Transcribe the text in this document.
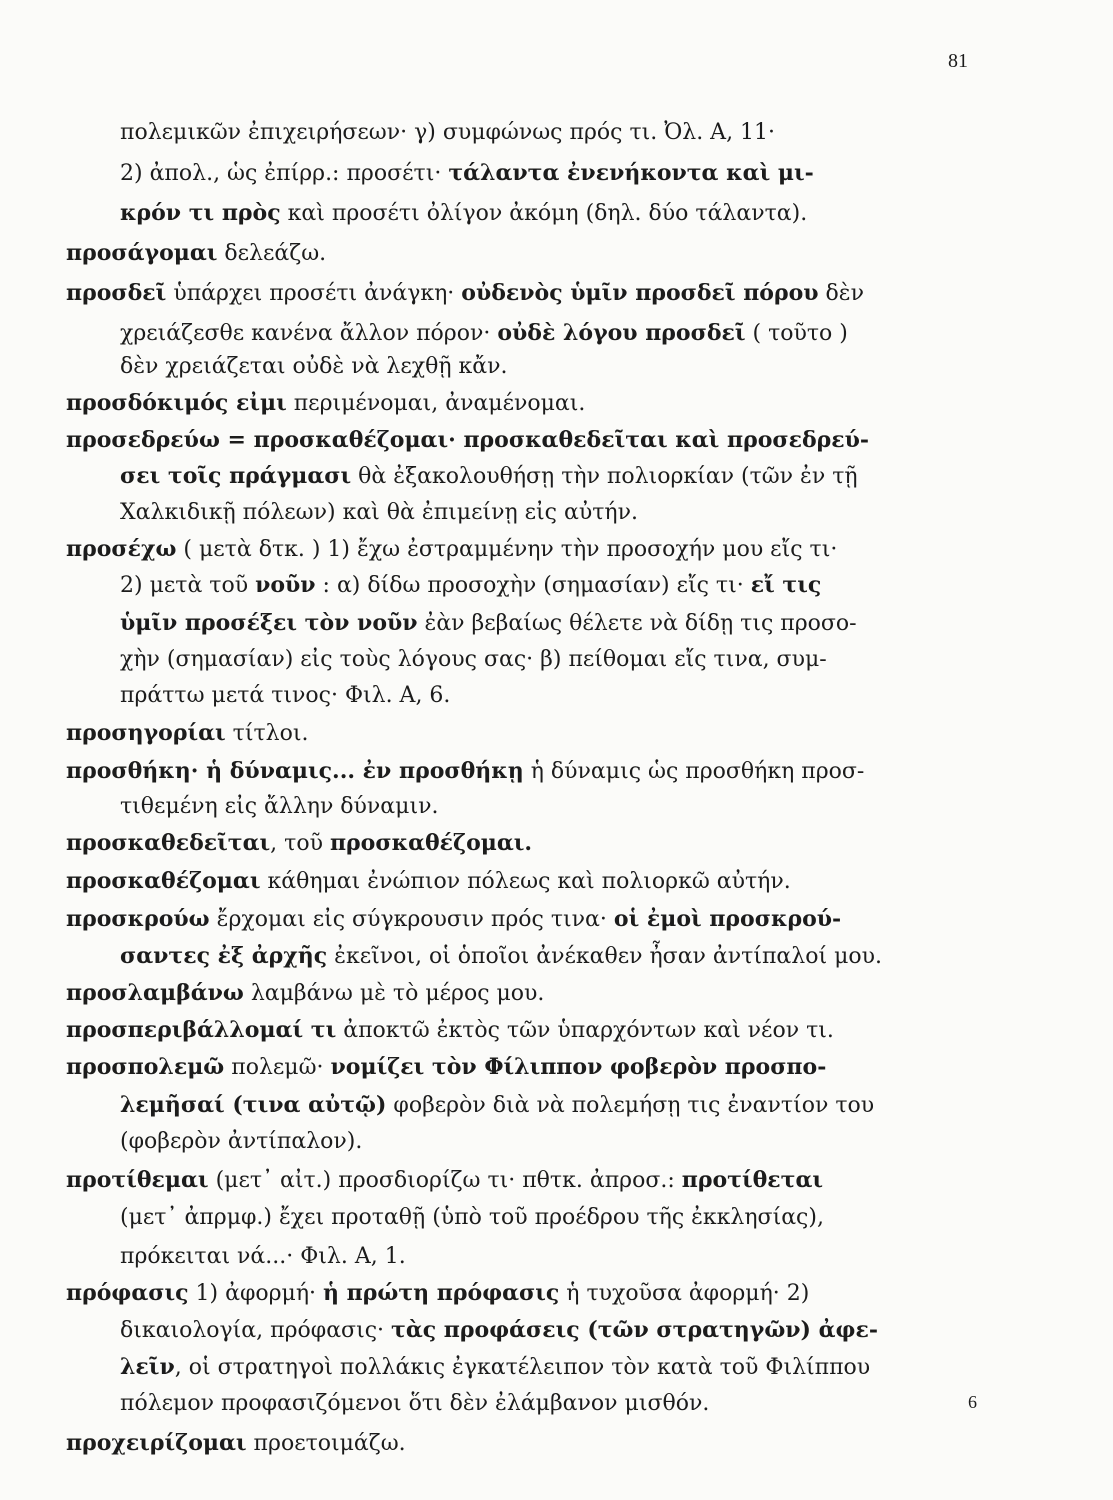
81
πολεμικῶν ἐπιχειρήσεων· γ) συμφώνως πρός τι. Ὀλ. Α, 11·
2) ἀπολ., ὡς ἐπίρρ.: προσέτι· τάλαντα ἐνενήκοντα καὶ μι-
κρόν τι πρὸς καὶ προσέτι ὀλίγον ἀκόμη (δηλ. δύο τάλαντα).
προσάγομαι δελεάζω.
προσδεῖ ὑπάρχει προσέτι ἀνάγκη· οὐδενὸς ὑμῖν προσδεῖ πόρου δὲν
χρειάζεσθε κανένα ἄλλον πόρον· οὐδὲ λόγου προσδεῖ ( τοῦτο )
δὲν χρειάζεται οὐδὲ νὰ λεχθῇ κἄν.
προσδόκιμός εἰμι περιμένομαι, ἀναμένομαι.
προσεδρεύω = προσκαθέζομαι· προσκαθεδεῖται καὶ προσεδρεύ-
σει τοῖς πράγμασι θὰ ἐξακολουθήσῃ τὴν πολιορκίαν (τῶν ἐν τῇ
Χαλκιδικῇ πόλεων) καὶ θὰ ἐπιμείνῃ εἰς αὐτήν.
προσέχω ( μετὰ δτκ. ) 1) ἔχω ἐστραμμένην τὴν προσοχήν μου εἴς τι·
2) μετὰ τοῦ νοῦν : α) δίδω προσοχὴν (σημασίαν) εἴς τι· εἴ τις
ὑμῖν προσέξει τὸν νοῦν ἐὰν βεβαίως θέλετε νὰ δίδῃ τις προσο-
χὴν (σημασίαν) εἰς τοὺς λόγους σας· β) πείθομαι εἴς τινα, συμ-
πράττω μετά τινος· Φιλ. Α, 6.
προσηγορίαι τίτλοι.
προσθήκη· ἡ δύναμις... ἐν προσθήκῃ ἡ δύναμις ὡς προσθήκη προσ-
τιθεμένη εἰς ἄλλην δύναμιν.
προσκαθεδεῖται, τοῦ προσκαθέζομαι.
προσκαθέζομαι κάθημαι ἐνώπιον πόλεως καὶ πολιορκῶ αὐτήν.
προσκρούω ἔρχομαι εἰς σύγκρουσιν πρός τινα· οἱ ἐμοὶ προσκρού-
σαντες ἐξ ἀρχῆς ἐκεῖνοι, οἱ ὁποῖοι ἀνέκαθεν ἦσαν ἀντίπαλοί μου.
προσλαμβάνω λαμβάνω μὲ τὸ μέρος μου.
προσπεριβάλλομαί τι ἀποκτῶ ἐκτὸς τῶν ὑπαρχόντων καὶ νέον τι.
προσπολεμῶ πολεμῶ· νομίζει τὸν Φίλιππον φοβερὸν προσπο-
λεμῆσαί (τινα αὐτῷ) φοβερὸν διὰ νὰ πολεμήσῃ τις ἐναντίον του
(φοβερὸν ἀντίπαλον).
προτίθεμαι (μετ᾽ αἰτ.) προσδιορίζω τι· πθτκ. ἀπροσ.: προτίθεται
(μετ᾽ ἀπρμφ.) ἔχει προταθῇ (ὑπὸ τοῦ προέδρου τῆς ἐκκλησίας),
πρόκειται νά...· Φιλ. Α, 1.
πρόφασις 1) ἀφορμή· ἡ πρώτη πρόφασις ἡ τυχοῦσα ἀφορμή· 2)
δικαιολογία, πρόφασις· τὰς προφάσεις (τῶν στρατηγῶν) ἀφε-
λεῖν, οἱ στρατηγοὶ πολλάκις ἐγκατέλειπον τὸν κατὰ τοῦ Φιλίππου
πόλεμον προφασιζόμενοι ὅτι δὲν ἐλάμβανον μισθόν.
προχειρίζομαι προετοιμάζω.
6
